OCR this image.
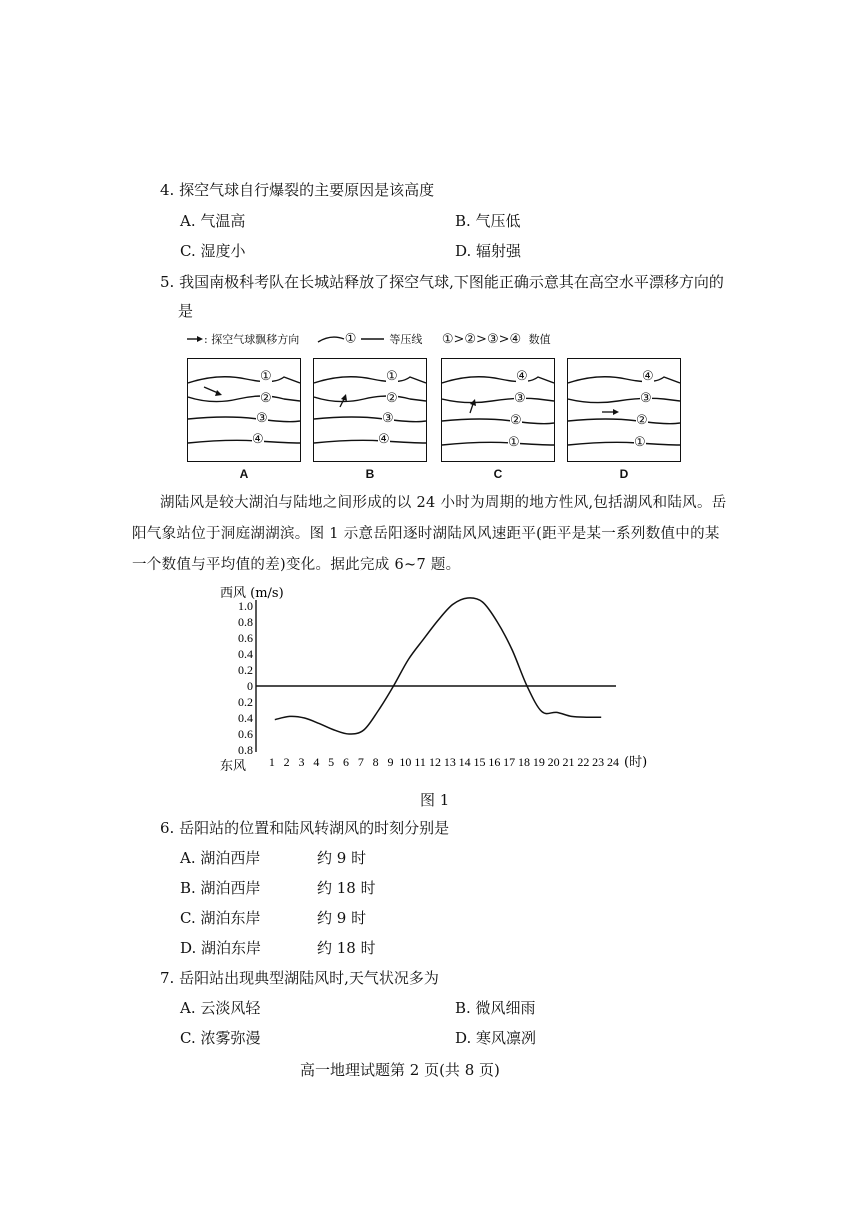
4. 探空气球自行爆裂的主要原因是该高度
A. 气温高	B. 气压低
C. 湿度小	D. 辐射强
5. 我国南极科考队在长城站释放了探空气球,下图能正确示意其在高空水平漂移方向的
是
: 探空气球飘移方向	①	等压线 ①>②>③>④ 数值
①
②
③
④
A
①
②
③
④
B
④
③
②
①
C
④
③
②
①
D
湖陆风是较大湖泊与陆地之间形成的以 24 小时为周期的地方性风,包括湖风和陆风。岳
阳气象站位于洞庭湖湖滨。图 1 示意岳阳逐时湖陆风风速距平(距平是某一系列数值中的某
一个数值与平均值的差)变化。据此完成 6~7 题。
西风 (m/s)
东风	(时)
1.0
0.8
0.6
0.4
0.2
0
0.2
0.4
0.6
0.8
1 2 3 4 5 6 7 8 9 10 11 12 13 14 15 16 17 18 19 20 21 22 23 24
图 1
6. 岳阳站的位置和陆风转湖风的时刻分别是
A. 湖泊西岸	约 9 时
B. 湖泊西岸	约 18 时
C. 湖泊东岸	约 9 时
D. 湖泊东岸	约 18 时
7. 岳阳站出现典型湖陆风时,天气状况多为
A. 云淡风轻	B. 微风细雨
C. 浓雾弥漫	D. 寒风凛冽
高一地理试题第 2 页(共 8 页)
